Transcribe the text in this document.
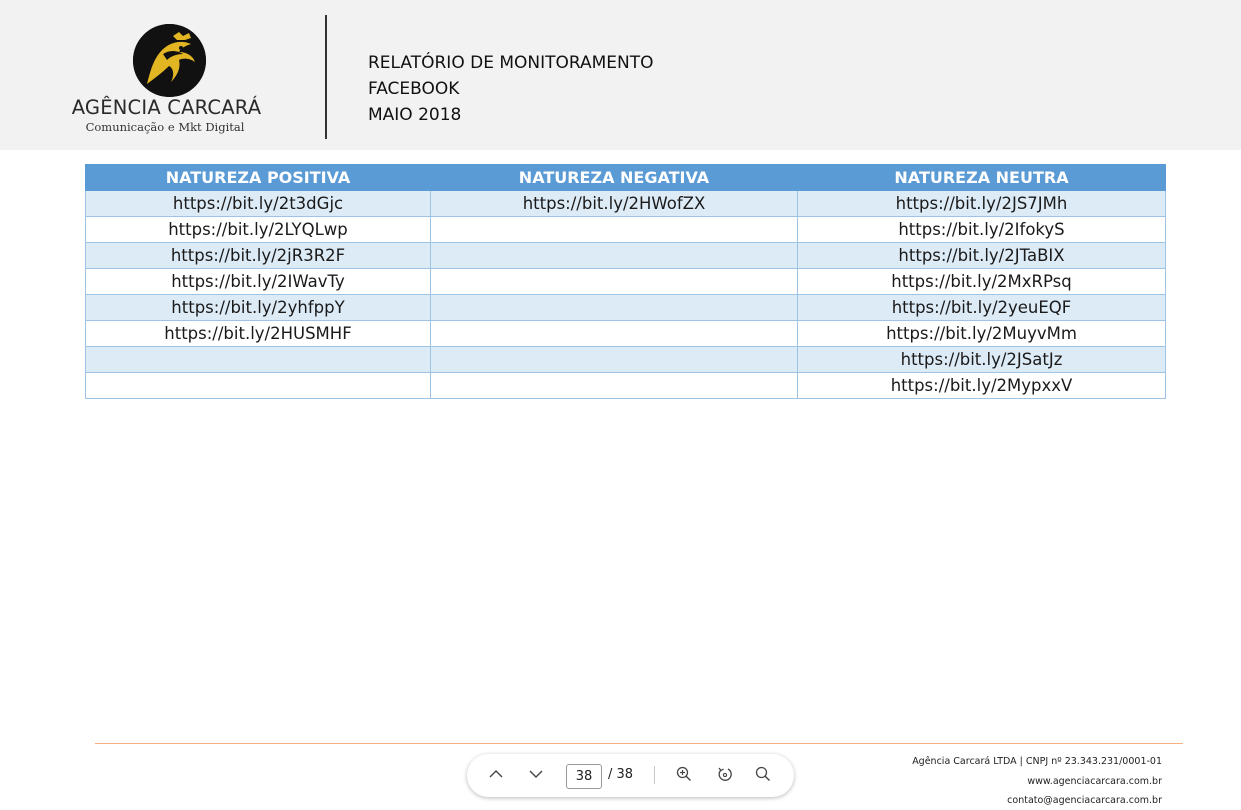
AGÊNCIA CARCARÁ
Comunicação e Mkt Digital
RELATÓRIO DE MONITORAMENTO
FACEBOOK
MAIO 2018
NATUREZA POSITIVA	NATUREZA NEGATIVA	NATUREZA NEUTRA
https://bit.ly/2t3dGjc	https://bit.ly/2HWofZX	https://bit.ly/2JS7JMh
https://bit.ly/2LYQLwp		https://bit.ly/2IfokyS
https://bit.ly/2jR3R2F		https://bit.ly/2JTaBIX
https://bit.ly/2IWavTy		https://bit.ly/2MxRPsq
https://bit.ly/2yhfppY		https://bit.ly/2yeuEQF
https://bit.ly/2HUSMHF		https://bit.ly/2MuyvMm
		https://bit.ly/2JSatJz
		https://bit.ly/2MypxxV
Agência Carcará LTDA | CNPJ nº 23.343.231/0001-01
www.agenciacarcara.com.br
contato@agenciacarcara.com.br
38	/ 38
